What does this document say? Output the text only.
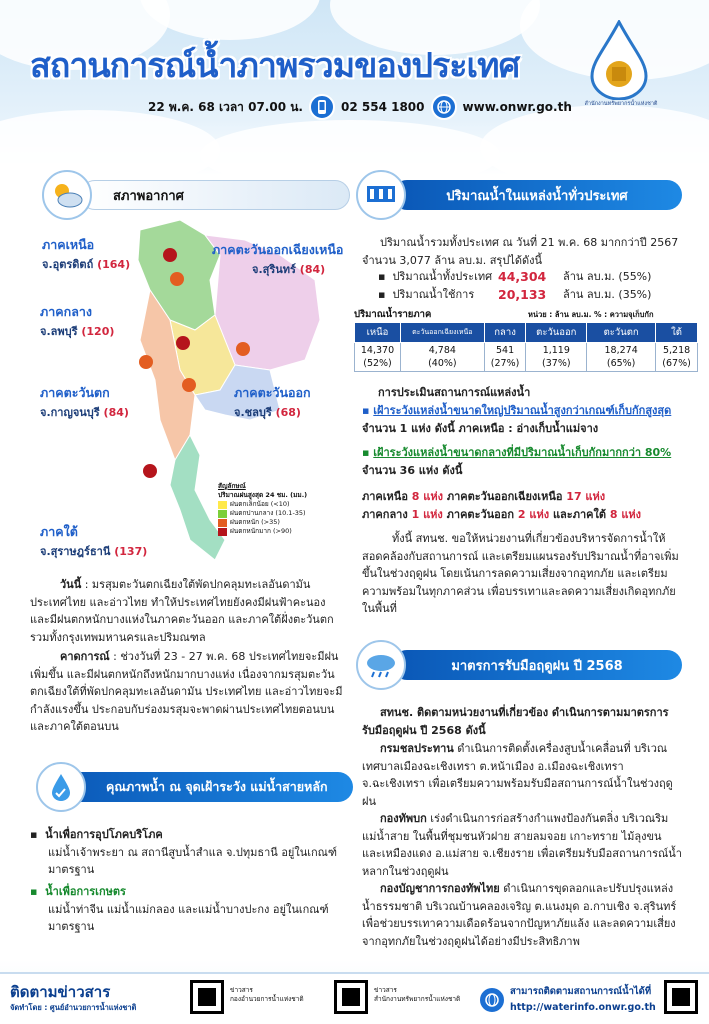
สถานการณ์น้ำภาพรวมของประเทศ
สำนักงานทรัพยากรน้ำแห่งชาติ
22 พ.ค. 68 เวลา 07.00 น.	02 554 1800	www.onwr.go.th
สภาพอากาศ
ภาคเหนือ
จ.อุตรดิตถ์ (164)
ภาคตะวันออกเฉียงเหนือ
จ.สุรินทร์ (84)
ภาคกลาง
จ.ลพบุรี (120)
ภาคตะวันตก
จ.กาญจนบุรี (84)
ภาคตะวันออก
จ.ชลบุรี (68)
ภาคใต้
จ.สุราษฎร์ธานี (137)
สัญลักษณ์
ปริมาณฝนสูงสุด 24 ชม. (มม.)
ฝนตกเล็กน้อย (<10)
ฝนตกปานกลาง (10.1-35)
ฝนตกหนัก (>35)
ฝนตกหนักมาก (>90)
วันนี้ : มรสุมตะวันตกเฉียงใต้พัดปกคลุมทะเลอันดามัน ประเทศไทย และอ่าวไทย ทำให้ประเทศไทยยังคงมีฝนฟ้าคะนอง และมีฝนตกหนักบางแห่งในภาคตะวันออก และภาคใต้ฝั่งตะวันตก รวมทั้งกรุงเทพมหานครและปริมณฑล
คาดการณ์ : ช่วงวันที่ 23 - 27 พ.ค. 68 ประเทศไทยจะมีฝนเพิ่มขึ้น และมีฝนตกหนักถึงหนักมากบางแห่ง เนื่องจากมรสุมตะวันตกเฉียงใต้ที่พัดปกคลุมทะเลอันดามัน ประเทศไทย และอ่าวไทยจะมีกำลังแรงขึ้น ประกอบกับร่องมรสุมจะพาดผ่านประเทศไทยตอนบนและภาคใต้ตอนบน
คุณภาพน้ำ ณ จุดเฝ้าระวัง แม่น้ำสายหลัก
▪  น้ำเพื่อการอุปโภคบริโภค
แม่น้ำเจ้าพระยา ณ สถานีสูบน้ำสำแล จ.ปทุมธานี อยู่ในเกณฑ์มาตรฐาน
▪  น้ำเพื่อการเกษตร
แม่น้ำท่าจีน แม่น้ำแม่กลอง และแม่น้ำบางปะกง อยู่ในเกณฑ์มาตรฐาน
ปริมาณน้ำในแหล่งน้ำทั่วประเทศ
ปริมาณน้ำรวมทั้งประเทศ ณ วันที่ 21 พ.ค. 68 มากกว่าปี 2567 จำนวน 3,077 ล้าน ลบ.ม. สรุปได้ดังนี้
▪  ปริมาณน้ำทั้งประเทศ 44,304	ล้าน ลบ.ม. (55%)
▪  ปริมาณน้ำใช้การ	20,133	ล้าน ลบ.ม. (35%)
ปริมาณน้ำรายภาค	หน่วย : ล้าน ลบ.ม. % : ความจุเก็บกัก
เหนือ	ตะวันออกเฉียงเหนือ	กลาง	ตะวันออก	ตะวันตก	ใต้
14,370
(52%)	4,784
(40%)	541
(27%)	1,119
(37%)	18,274
(65%)	5,218
(67%)
การประเมินสถานการณ์แหล่งน้ำ
▪ เฝ้าระวังแหล่งน้ำขนาดใหญ่ปริมาณน้ำสูงกว่าเกณฑ์เก็บกักสูงสุด จำนวน 1 แห่ง ดังนี้ ภาคเหนือ : อ่างเก็บน้ำแม่จาง
▪ เฝ้าระวังแหล่งน้ำขนาดกลางที่มีปริมาณน้ำเก็บกักมากกว่า 80% จำนวน 36 แห่ง ดังนี้
ภาคเหนือ 8 แห่ง ภาคตะวันออกเฉียงเหนือ 17 แห่ง
ภาคกลาง 1 แห่ง ภาคตะวันออก 2 แห่ง และภาคใต้ 8 แห่ง
ทั้งนี้ สทนช. ขอให้หน่วยงานที่เกี่ยวข้องบริหารจัดการน้ำให้สอดคล้องกับสถานการณ์ และเตรียมแผนรองรับปริมาณน้ำที่อาจเพิ่มขึ้นในช่วงฤดูฝน โดยเน้นการลดความเสี่ยงจากอุทกภัย และเตรียมความพร้อมในทุกภาคส่วน เพื่อบรรเทาและลดความเสี่ยงเกิดอุทกภัยในพื้นที่
มาตรการรับมือฤดูฝน ปี 2568
สทนช. ติดตามหน่วยงานที่เกี่ยวข้อง ดำเนินการตามมาตรการรับมือฤดูฝน ปี 2568 ดังนี้
กรมชลประทาน ดำเนินการติดตั้งเครื่องสูบน้ำเคลื่อนที่ บริเวณเทศบาลเมืองฉะเชิงเทรา ต.หน้าเมือง อ.เมืองฉะเชิงเทรา จ.ฉะเชิงเทรา เพื่อเตรียมความพร้อมรับมือสถานการณ์น้ำในช่วงฤดูฝน
กองทัพบก เร่งดำเนินการก่อสร้างกำแพงป้องกันตลิ่ง บริเวณริมแม่น้ำสาย ในพื้นที่ชุมชนหัวฝาย สายลมจอย เกาะทราย ไม้ลุงขน และเหมืองแดง อ.แม่สาย จ.เชียงราย เพื่อเตรียมรับมือสถานการณ์น้ำหลากในช่วงฤดูฝน
กองบัญชาการกองทัพไทย ดำเนินการขุดลอกและปรับปรุงแหล่งน้ำธรรมชาติ บริเวณบ้านคลองเจริญ ต.แนงมุด อ.กาบเชิง จ.สุรินทร์ เพื่อช่วยบรรเทาความเดือดร้อนจากปัญหาภัยแล้ง และลดความเสี่ยงจากอุทกภัยในช่วงฤดูฝนได้อย่างมีประสิทธิภาพ
ติดตามข่าวสาร
จัดทำโดย : ศูนย์อำนวยการน้ำแห่งชาติ
ข่าวสาร
กองอำนวยการน้ำแห่งชาติ
ข่าวสาร
สำนักงานทรัพยากรน้ำแห่งชาติ
สามารถติดตามสถานการณ์น้ำได้ที่
http://waterinfo.onwr.go.th
